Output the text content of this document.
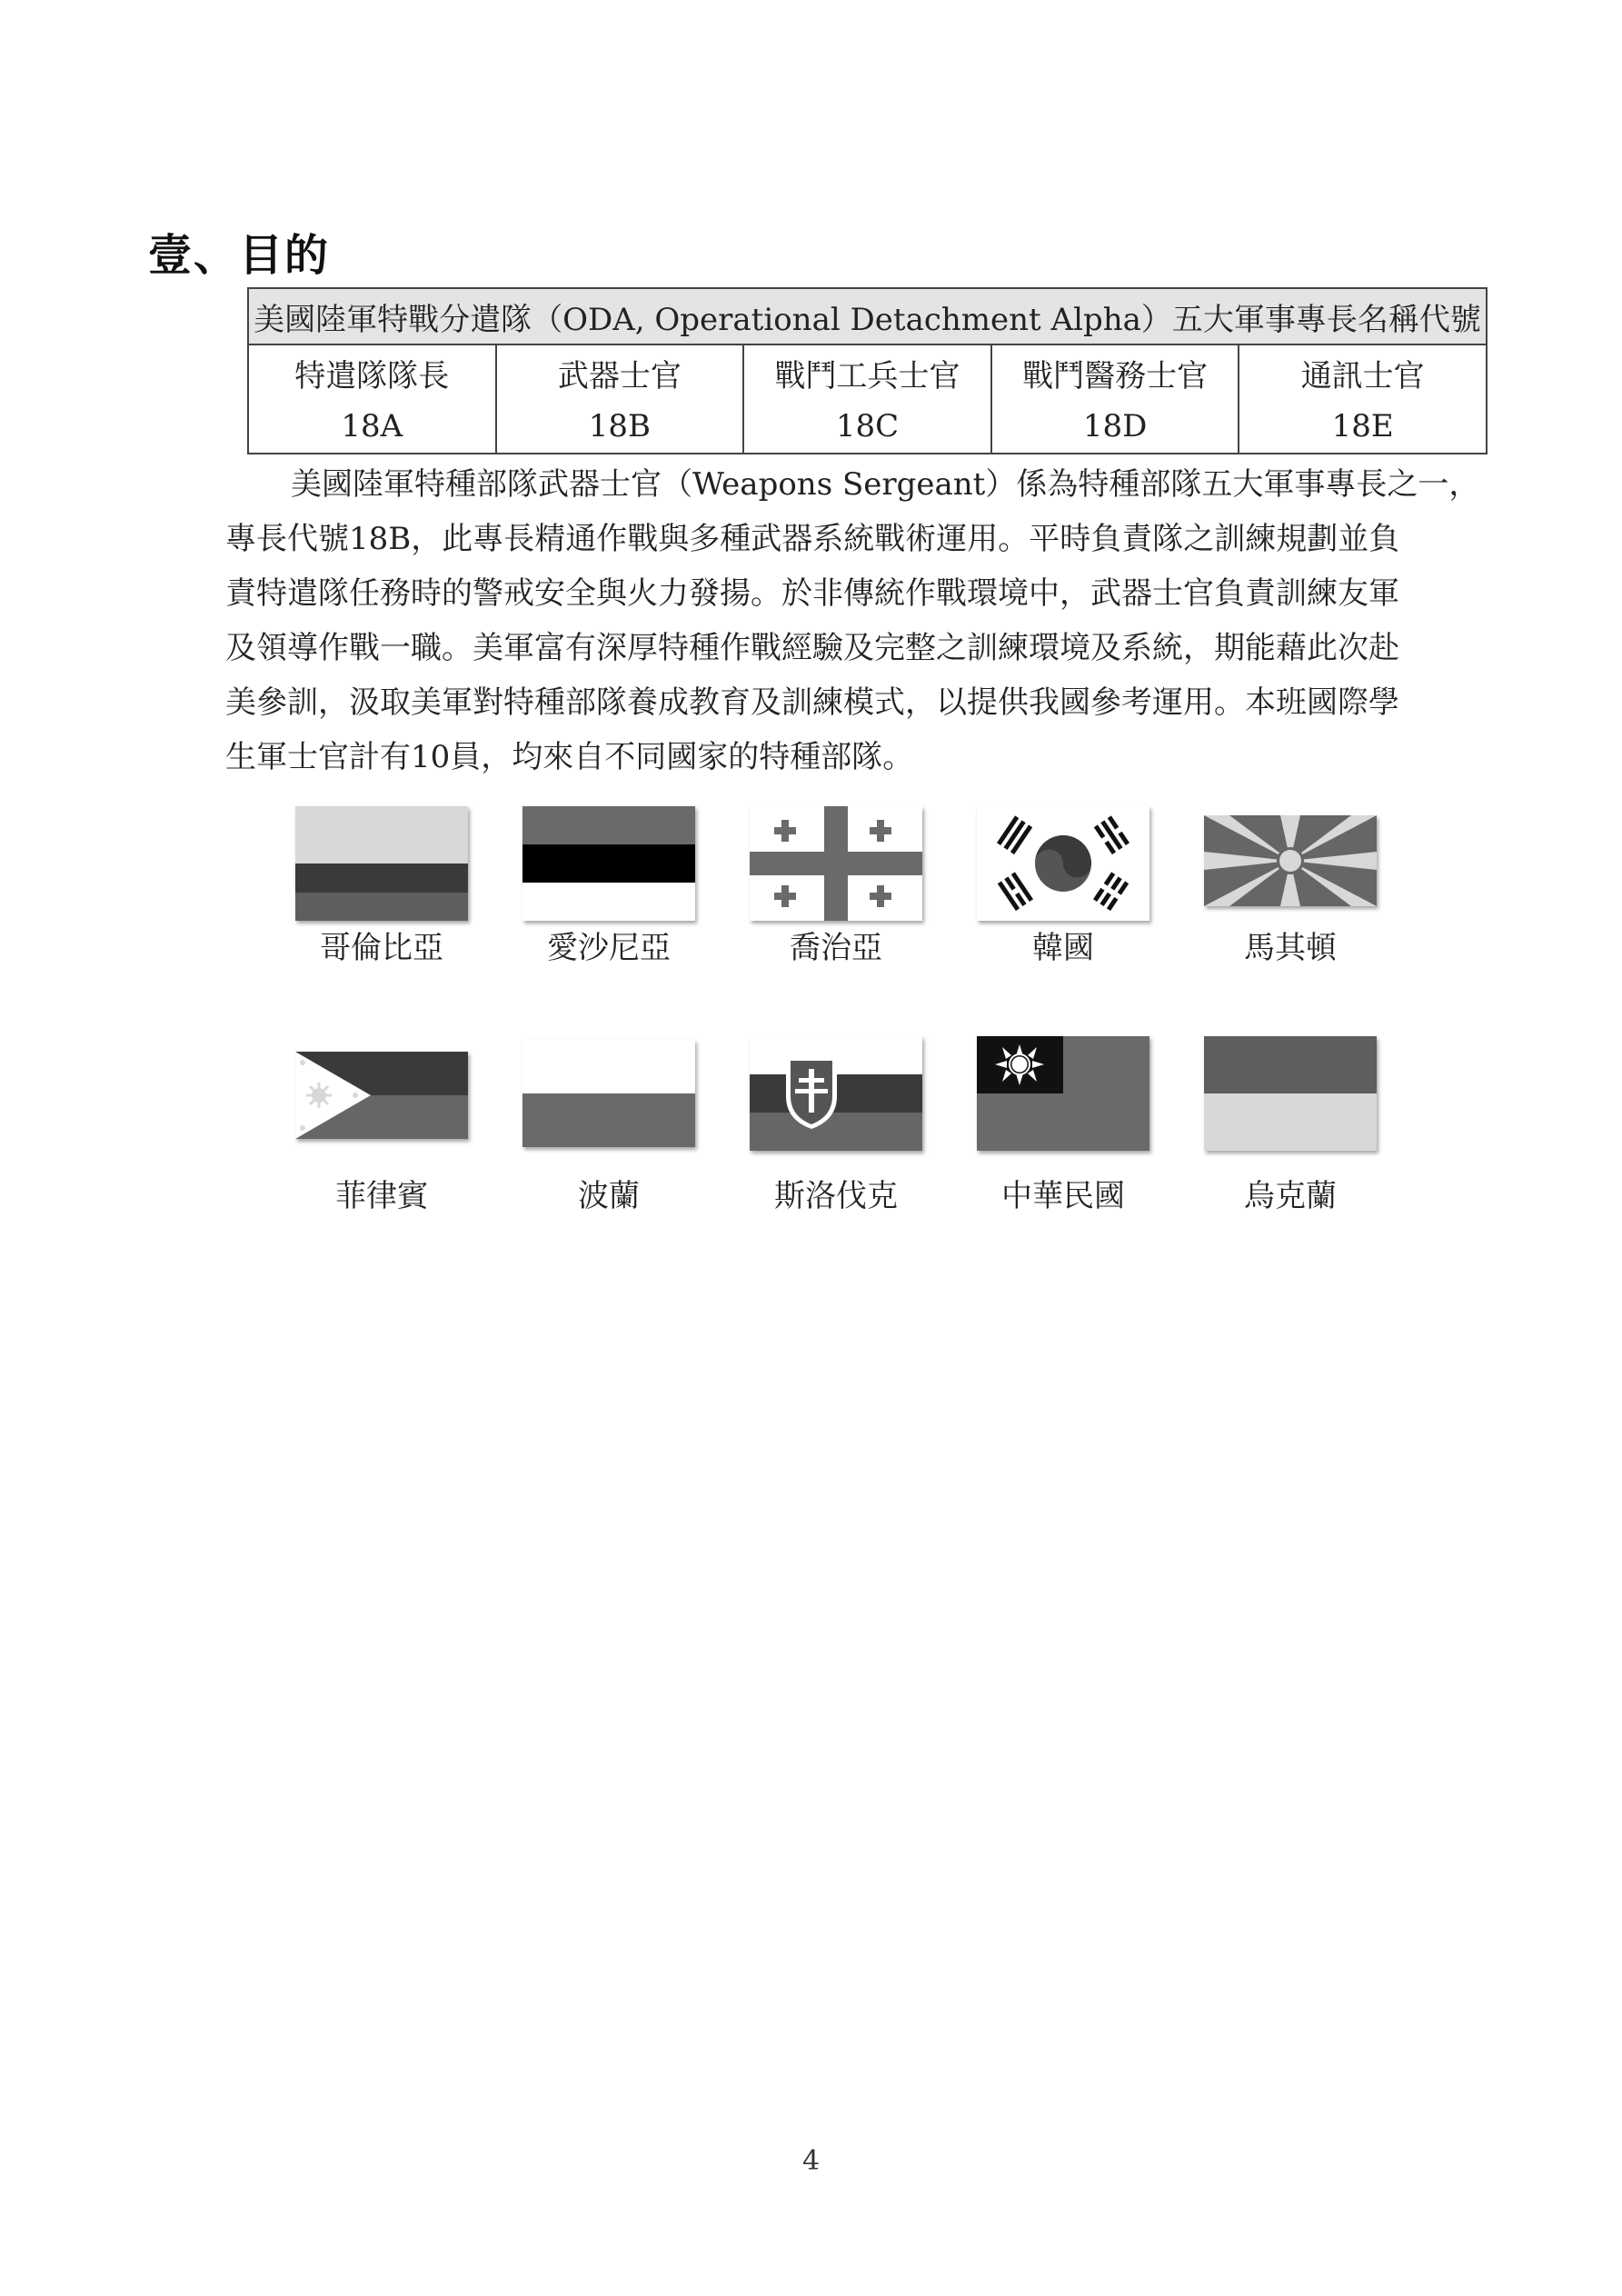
壹、目的
美國陸軍特戰分遣隊（ODA, Operational Detachment Alpha）五大軍事專長名稱代號				
特遣隊隊長	武器士官	戰鬥工兵士官	戰鬥醫務士官	通訊士官
18A	18B	18C	18D	18E
美國陸軍特種部隊武器士官（Weapons Sergeant）係為特種部隊五大軍事專長之一，
專長代號18B，此專長精通作戰與多種武器系統戰術運用。平時負責隊之訓練規劃並負
責特遣隊任務時的警戒安全與火力發揚。於非傳統作戰環境中，武器士官負責訓練友軍
及領導作戰一職。美軍富有深厚特種作戰經驗及完整之訓練環境及系統，期能藉此次赴
美參訓，汲取美軍對特種部隊養成教育及訓練模式，以提供我國參考運用。本班國際學
生軍士官計有10員，均來自不同國家的特種部隊。
哥倫比亞	愛沙尼亞	喬治亞	韓國	馬其頓
菲律賓	波蘭	斯洛伐克	中華民國	烏克蘭
4
